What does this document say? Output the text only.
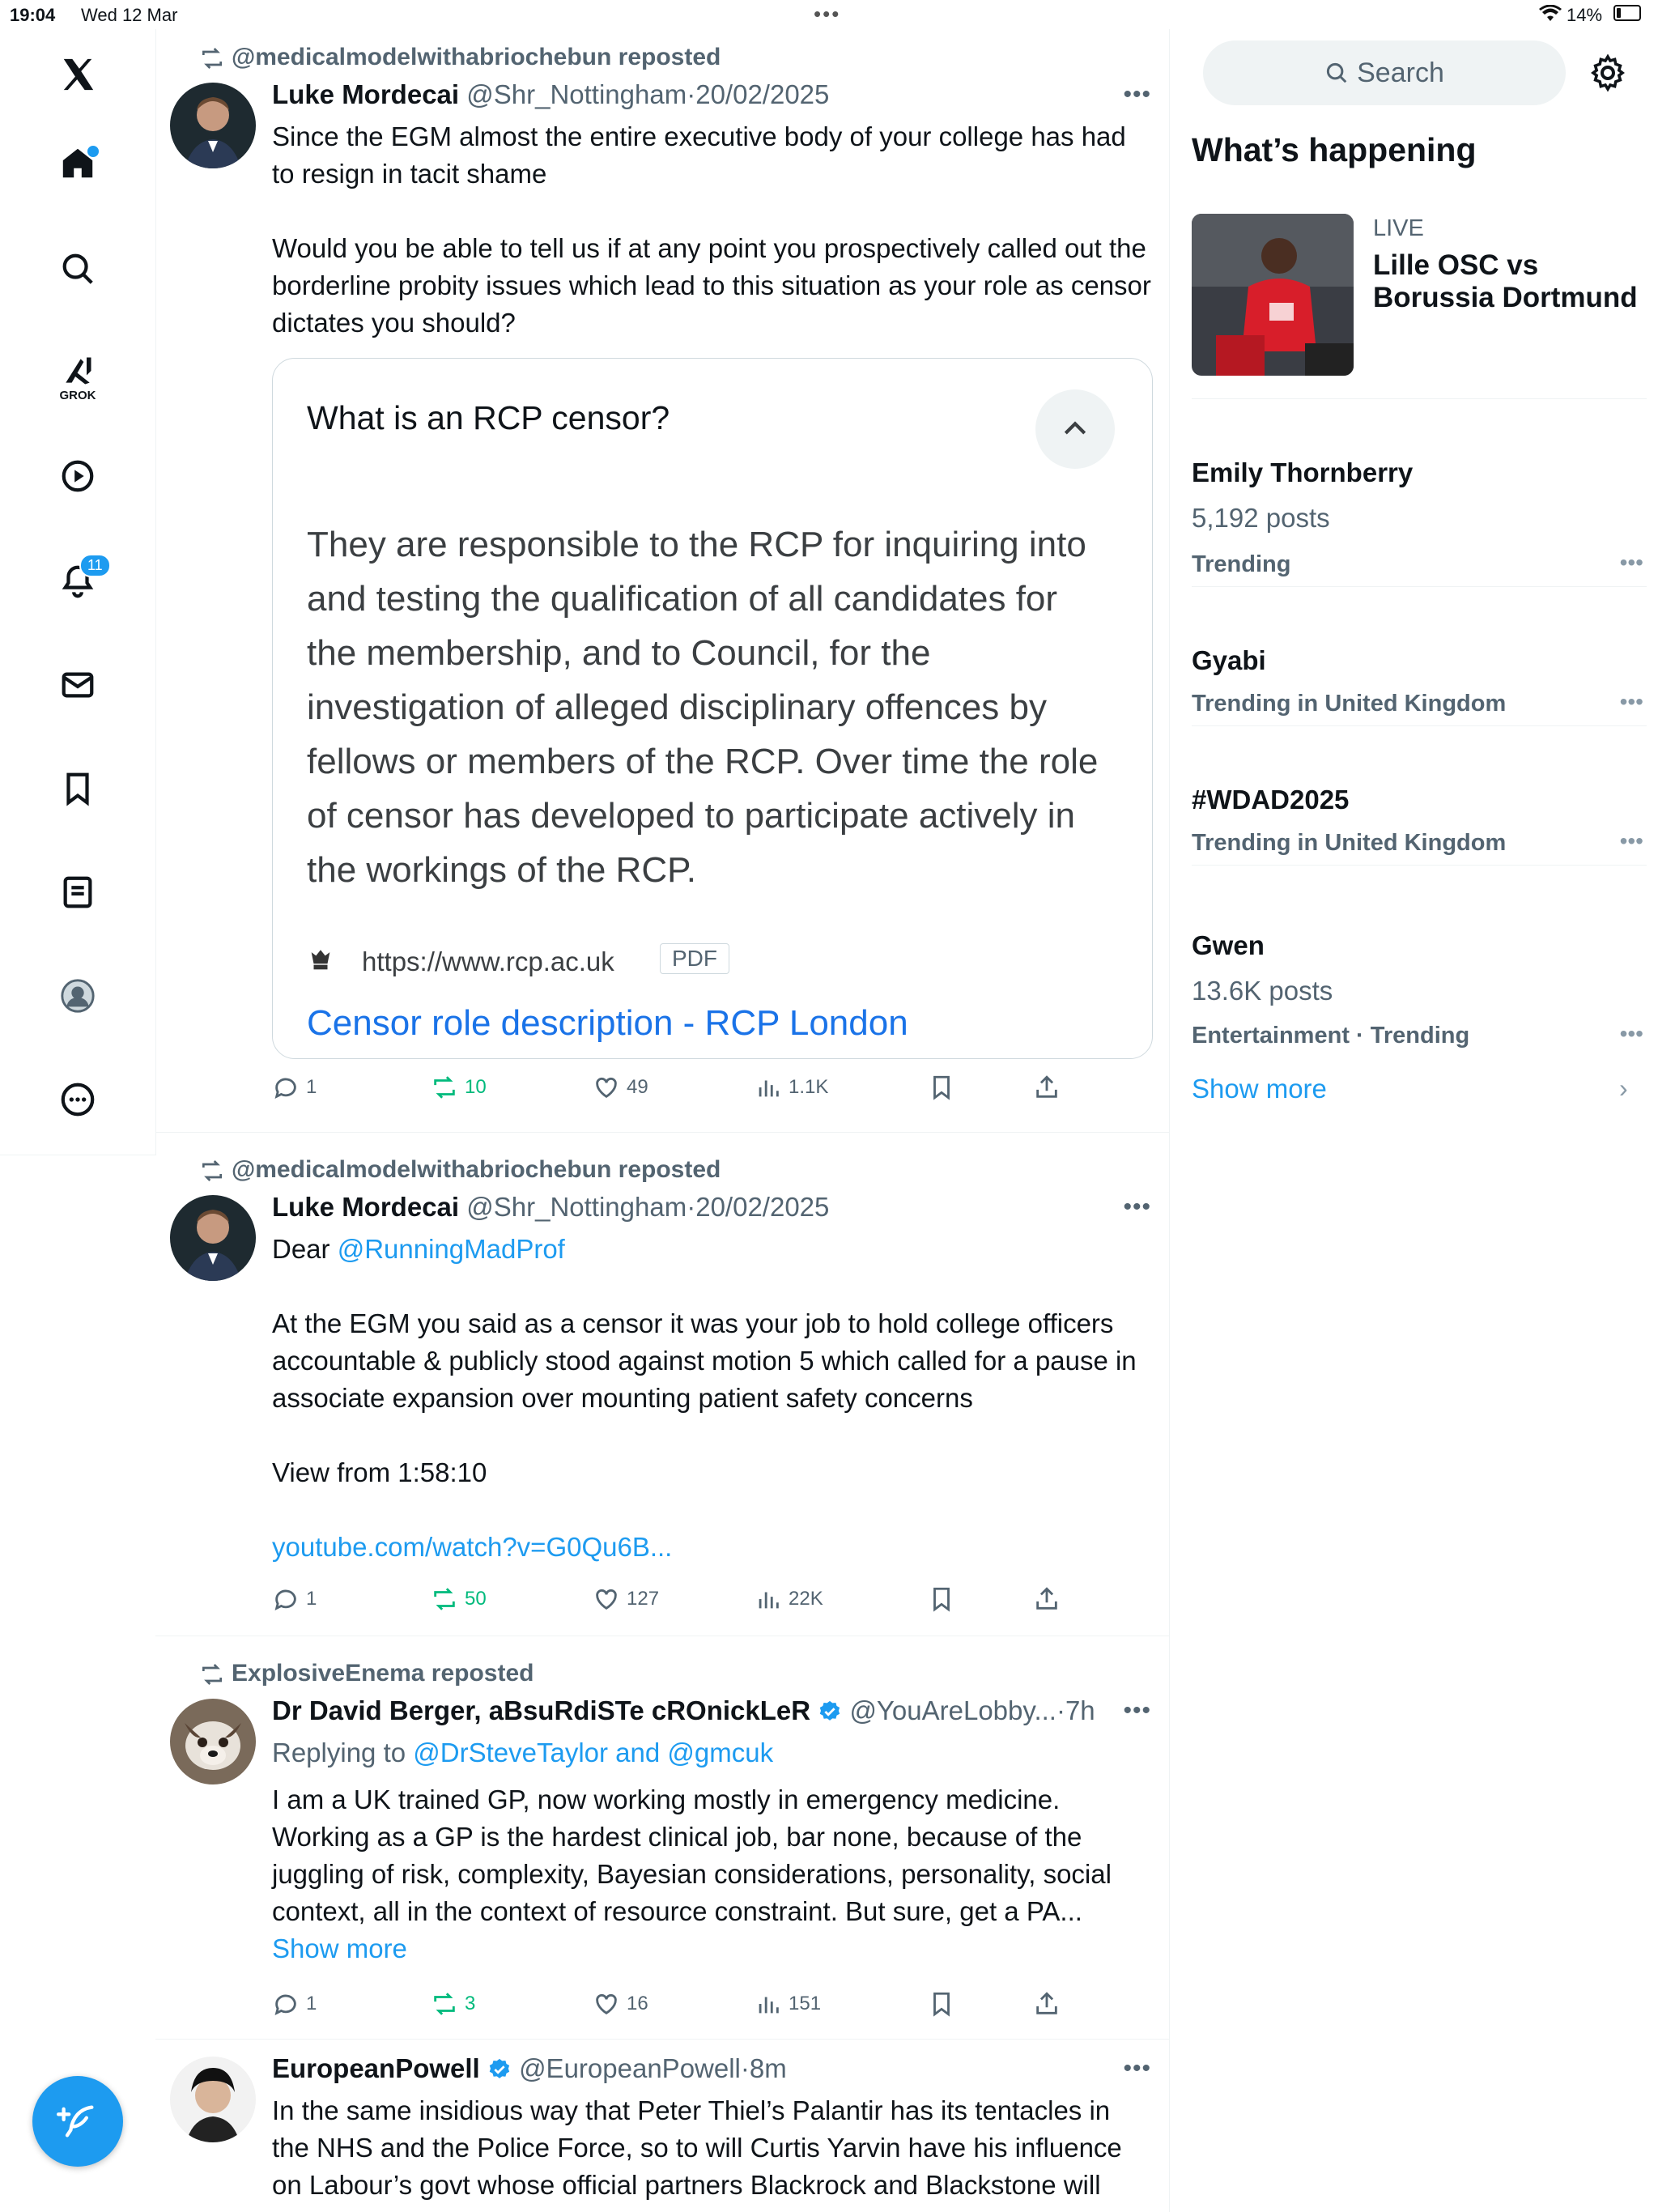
19:04 Wed 12 Mar	•••	14%
GROK
11
@medicalmodelwithabriochebun reposted
Luke Mordecai @Shr_Nottingham·20/02/2025	•••
Since the EGM almost the entire executive body of your college has had to resign in tacit shame

Would you be able to tell us if at any point you prospectively called out the borderline probity issues which lead to this situation as your role as censor dictates you should?
What is an RCP censor?
They are responsible to the RCP for inquiring into and testing the qualification of all candidates for the membership, and to Council, for the investigation of alleged disciplinary offences by fellows or members of the RCP. Over time the role of censor has developed to participate actively in the workings of the RCP.
https://www.rcp.ac.uk	PDF
Censor role description - RCP London
1	10	49	1.1K
@medicalmodelwithabriochebun reposted
Luke Mordecai @Shr_Nottingham·20/02/2025	•••
Dear @RunningMadProf
At the EGM you said as a censor it was your job to hold college officers accountable & publicly stood against motion 5 which called for a pause in associate expansion over mounting patient safety concerns

View from 1:58:10
youtube.com/watch?v=G0Qu6B...
1	50	127	22K
ExplosiveEnema reposted
Dr David Berger, aBsuRdiSTe cROnickLeR @YouAreLobby...·7h •••
Replying to @DrSteveTaylor and @gmcuk
I am a UK trained GP, now working mostly in emergency medicine. Working as a GP is the hardest clinical job, bar none, because of the juggling of risk, complexity, Bayesian considerations, personality, social context, all in the context of resource constraint. But sure, get a PA... Show more
1	3	16	151
EuropeanPowell @EuropeanPowell·8m	•••
In the same insidious way that Peter Thiel’s Palantir has its tentacles in the NHS and the Police Force, so to will Curtis Yarvin have his influence on Labour’s govt whose official partners Blackrock and Blackstone will
Search
What’s happening
LIVE
Lille OSC vs Borussia Dortmund
Emily Thornberry
5,192 posts
Trending	•••
Gyabi
Trending in United Kingdom	•••
#WDAD2025
Trending in United Kingdom	•••
Gwen
13.6K posts
Entertainment · Trending	•••
Show more	›
